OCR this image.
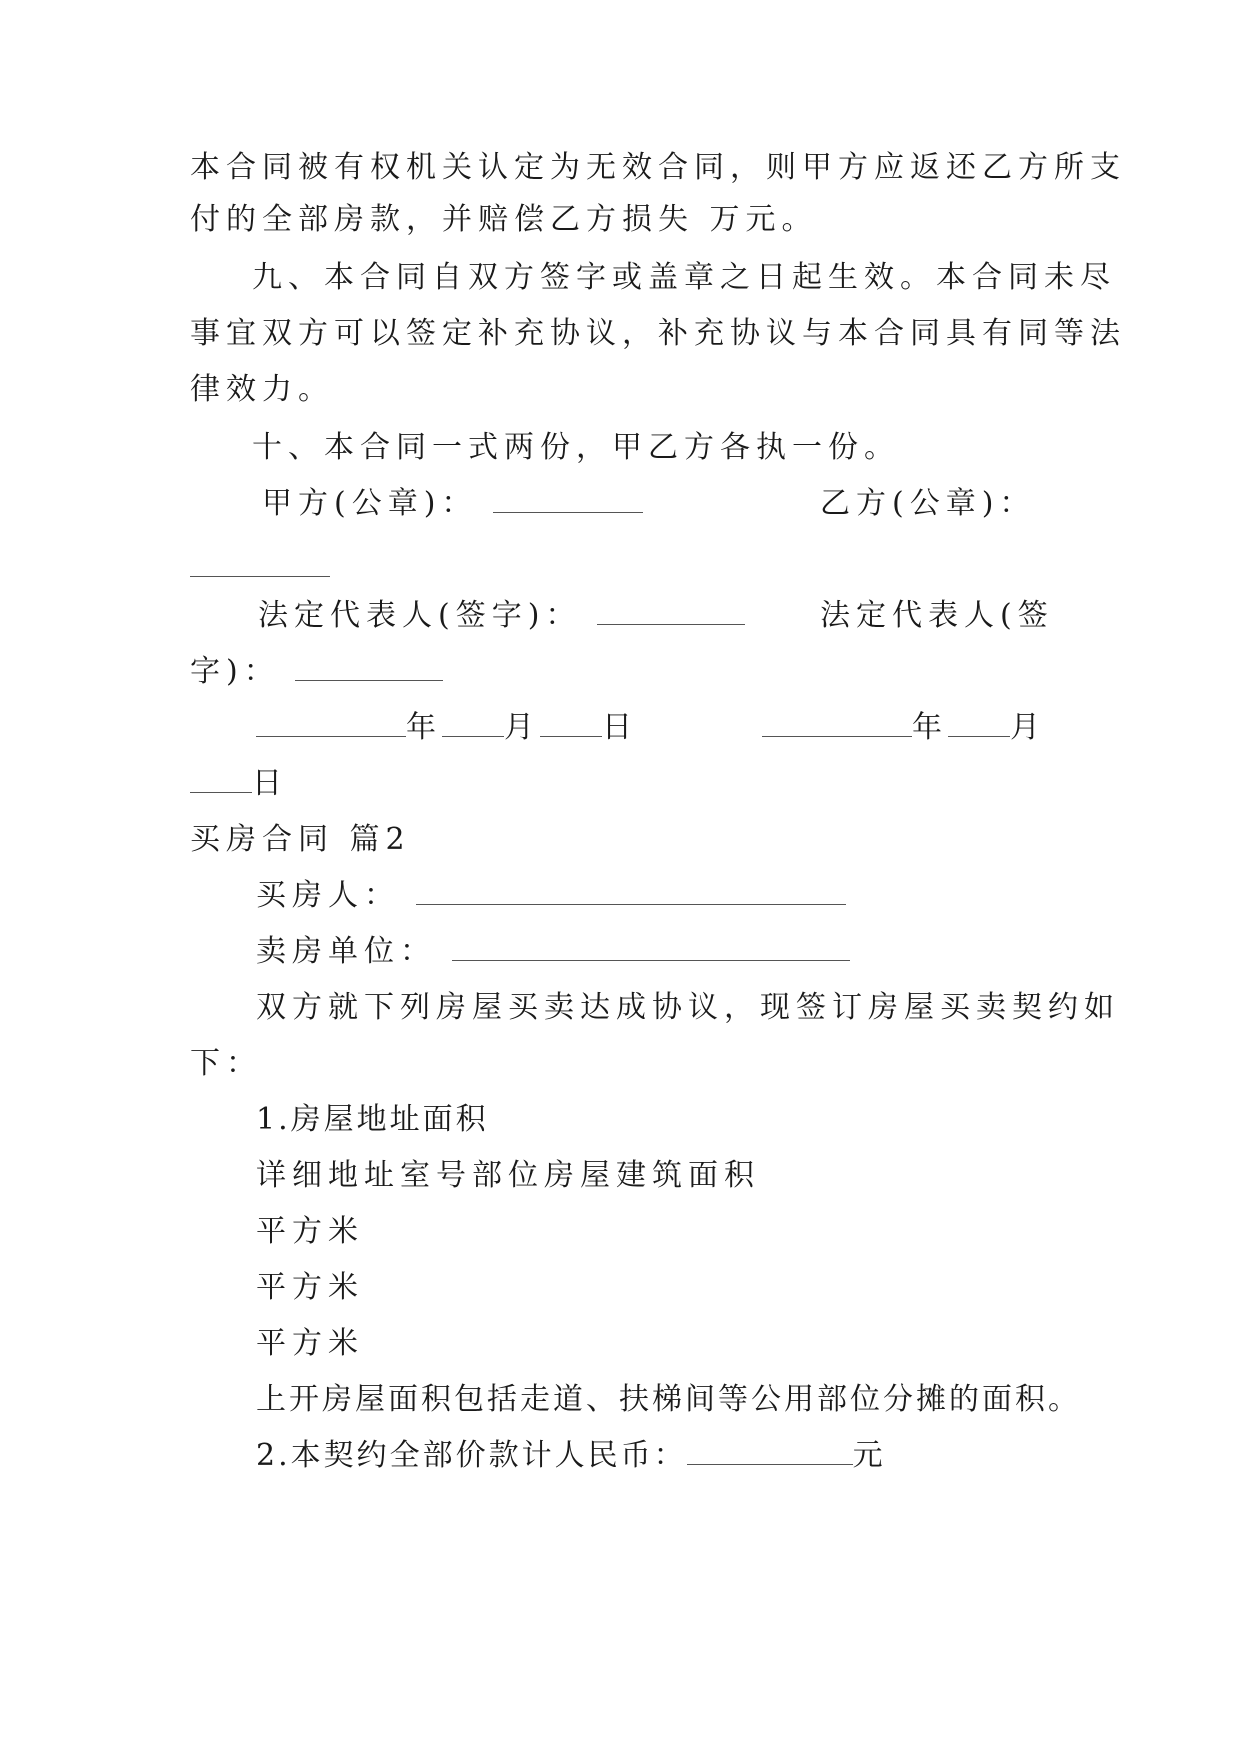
本合同被有权机关认定为无效合同，则甲方应返还乙方所支
付的全部房款，并赔偿乙方损失 万元。
九、本合同自双方签字或盖章之日起生效。本合同未尽
事宜双方可以签定补充协议，补充协议与本合同具有同等法
律效力。
十、本合同一式两份，甲乙方各执一份。
甲方(公章)：	乙方(公章)：
法定代表人(签字)：	法定代表人(签
字)：
年 月 日	年 月
日
买房合同 篇2
买房人：
卖房单位：
双方就下列房屋买卖达成协议，现签订房屋买卖契约如
下：
1.房屋地址面积
详细地址室号部位房屋建筑面积
平方米
平方米
平方米
上开房屋面积包括走道、扶梯间等公用部位分摊的面积。
2.本契约全部价款计人民币：	元
